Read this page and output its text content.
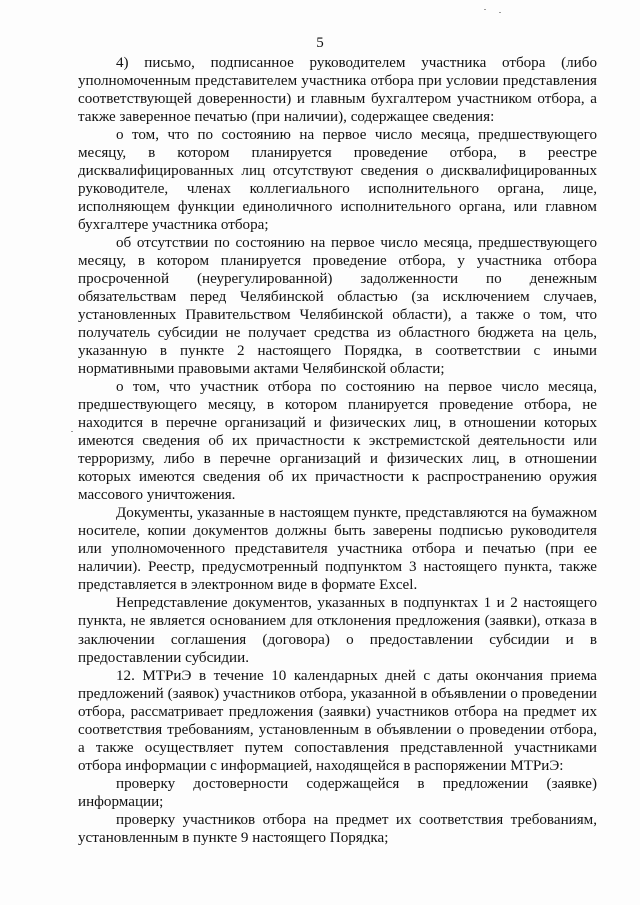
5

4) письмо, подписанное руководителем участника отбора (либо уполномоченным представителем участника отбора при условии представления соответствующей доверенности) и главным бухгалтером участником отбора, а также заверенное печатью (при наличии), содержащее сведения:

о том, что по состоянию на первое число месяца, предшествующего месяцу, в котором планируется проведение отбора, в реестре дисквалифицированных лиц отсутствуют сведения о дисквалифицированных руководителе, членах коллегиального исполнительного органа, лице, исполняющем функции единоличного исполнительного органа, или главном бухгалтере участника отбора;

об отсутствии по состоянию на первое число месяца, предшествующего месяцу, в котором планируется проведение отбора, у участника отбора просроченной (неурегулированной) задолженности по денежным обязательствам перед Челябинской областью (за исключением случаев, установленных Правительством Челябинской области), а также о том, что получатель субсидии не получает средства из областного бюджета на цель, указанную в пункте 2 настоящего Порядка, в соответствии с иными нормативными правовыми актами Челябинской области;

о том, что участник отбора по состоянию на первое число месяца, предшествующего месяцу, в котором планируется проведение отбора, не находится в перечне организаций и физических лиц, в отношении которых имеются сведения об их причастности к экстремистской деятельности или терроризму, либо в перечне организаций и физических лиц, в отношении которых имеются сведения об их причастности к распространению оружия массового уничтожения.

Документы, указанные в настоящем пункте, представляются на бумажном носителе, копии документов должны быть заверены подписью руководителя или уполномоченного представителя участника отбора и печатью (при ее наличии). Реестр, предусмотренный подпунктом 3 настоящего пункта, также представляется в электронном виде в формате Excel.

Непредставление документов, указанных в подпунктах 1 и 2 настоящего пункта, не является основанием для отклонения предложения (заявки), отказа в заключении соглашения (договора) о предоставлении субсидии и в предоставлении субсидии.

12. МТРиЭ в течение 10 календарных дней с даты окончания приема предложений (заявок) участников отбора, указанной в объявлении о проведении отбора, рассматривает предложения (заявки) участников отбора на предмет их соответствия требованиям, установленным в объявлении о проведении отбора, а также осуществляет путем сопоставления представленной участниками отбора информации с информацией, находящейся в распоряжении МТРиЭ:

проверку достоверности содержащейся в предложении (заявке) информации;

проверку участников отбора на предмет их соответствия требованиям, установленным в пункте 9 настоящего Порядка;
